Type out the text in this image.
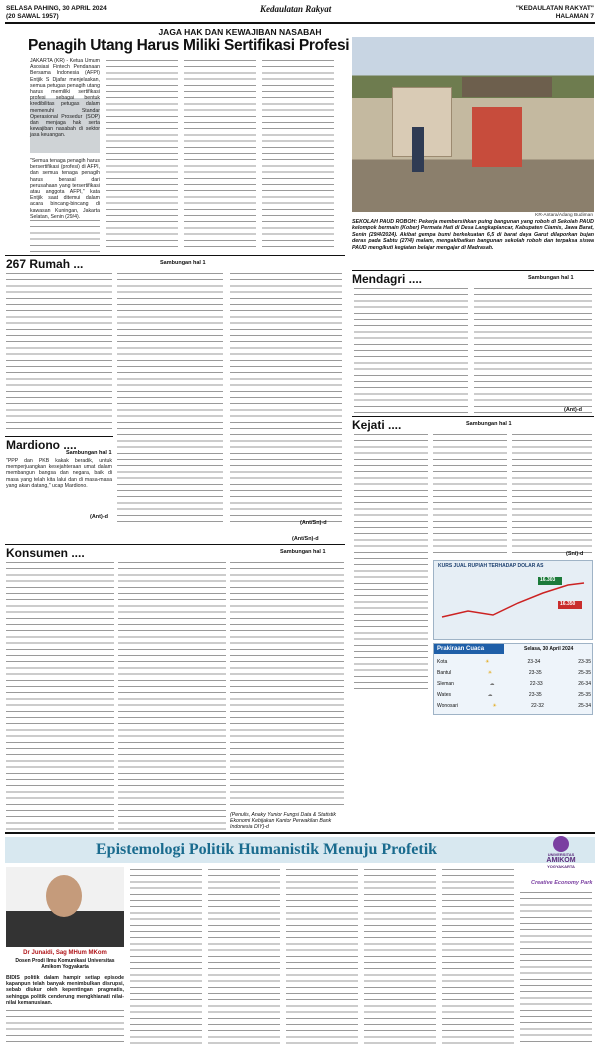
SELASA PAHING, 30 APRIL 2024
(20 SAWAL 1957)
Kedaulatan Rakyat	"KEDAULATAN RAKYAT"
HALAMAN 7
JAGA HAK DAN KEWAJIBAN NASABAH
Penagih Utang Harus Miliki Sertifikasi Profesi
JAKARTA (KR) - Ketua Umum Asosiasi Fintech Pendanaan Bersama Indonesia (AFPI) Entjik S Djafar menjelaskan, semua petugas penagih utang harus memiliki sertifikasi profesi sebagai bentuk kredibilitas petugas dalam memenuhi Standar Operasional Prosedur (SOP) dan menjaga hak serta kewajiban nasabah di sektor jasa keuangan.
"Semua tenaga penagih harus bersertifikasi (profesi) di AFPI, dan semua tenaga penagih harus berasal dari perusahaan yang tersertifikasi atau anggota AFPI," kata Entjik saat ditemui dalam acara bincang-bincang di kawasan Kuningan, Jakarta Selatan, Senin (29/4).	KR-Antara/Adang Budiman
SEKOLAH PAUD ROBOH: Pekerja membersihkan puing bangunan yang roboh di Sekolah PAUD kelompok bermain (Kober) Permata Hati di Desa Langkaplancar, Kabupaten Ciamis, Jawa Barat, Senin (29/4/2024). Akibat gempa bumi berkekuatan 6,5 di barat daya Garut dilaporkan bujan deras pada Sabtu (27/4) malam, mengakibatkan bangunan sekolah roboh dan terpaksa siswa PAUD mengikuti kegiatan belajar mengajar di Madrasah.
267 Rumah ...	Sambungan hal 1
(Ant/Sn)-d
Mardiono ....
Sambungan hal 1
"PPP dan PKB kakak beradik, untuk memperjuangkan kesejahteraan umat dalam membangun bangsa dan negara, baik di masa yang telah kita lalui dan di masa-masa yang akan datang," ucap Mardiono.
(Ant)-d
Mendagri ....	Sambungan hal 1
(Ant)-d
Kejati ....	Sambungan hal 1
(Sni)-d
KURS JUAL RUPIAH TERHADAP DOLAR AS
16.303
16.350
Prakiraan Cuaca	Selasa, 30 April 2024
Kota	☀	23-34	23-35
Bantul	☀	23-35	25-35
Sleman	☁	22-33	26-34
Wates	☁	23-35	25-35
Wonosari	☀	22-32	25-34
Konsumen ....	Sambungan hal 1
(Penulis, Anaky Yunior Fungsi Data & Statistik Ekonomi Kebijakan Kantor Perwakilan Bank Indonesia DIY)-d
(Ant/Sn)-d
Epistemologi Politik Humanistik Menuju Profetik	UNIVERSITAS
AMIKOM
YOGYAKARTA
Creative Economy Park
Dr Junaidi, Sag MHum MKom
Dosen Prodi Ilmu Komunikasi Universitas Amikom Yogyakarta
BIDIS politik dalam hampir setiap episode kapanpun telah banyak menimbulkan disrupsi, sebab diukur oleh kepentingan pragmatis, sehingga politik cenderung mengkhianati nilai-nilai kemanusiaan.
